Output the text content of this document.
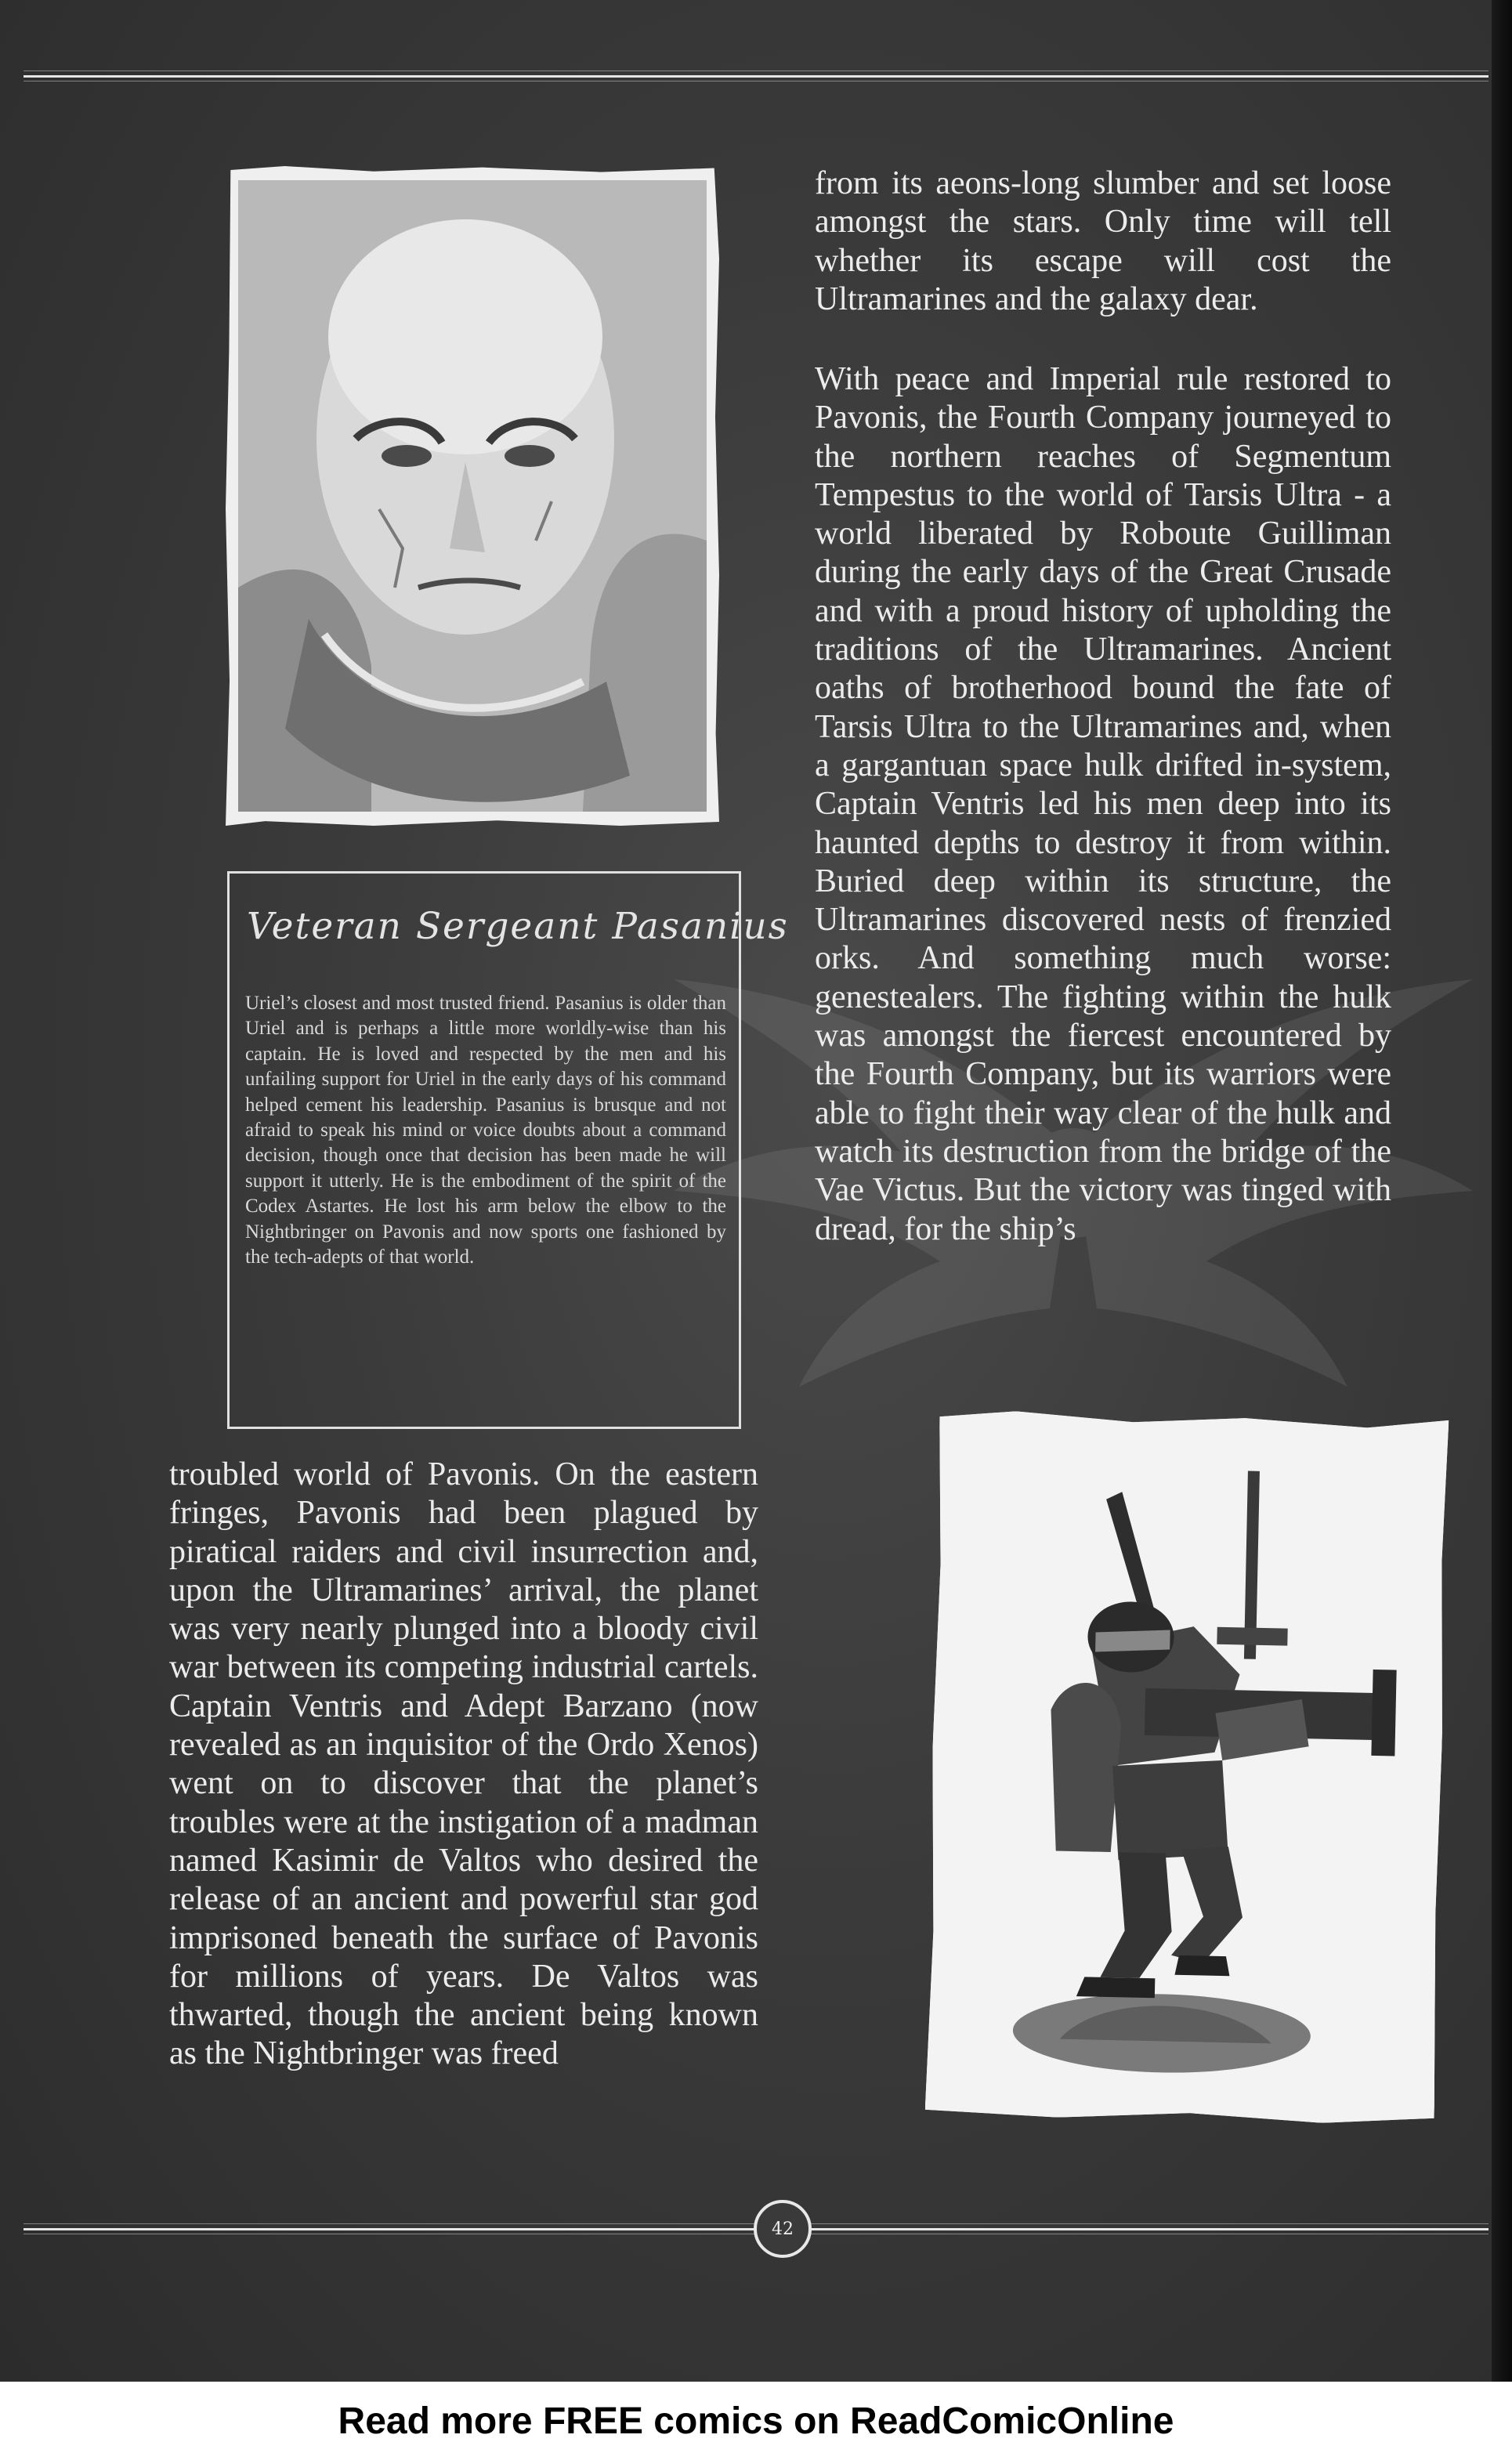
Veteran Sergeant Pasanius
Uriel’s closest and most trusted friend. Pasanius is older than Uriel and is perhaps a little more worldly-wise than his captain. He is loved and respected by the men and his unfailing support for Uriel in the early days of his command helped cement his leadership. Pasanius is brusque and not afraid to speak his mind or voice doubts about a command decision, though once that decision has been made he will support it utterly. He is the embodiment of the spirit of the Codex Astartes. He lost his arm below the elbow to the Nightbringer on Pavonis and now sports one fashioned by the tech-adepts of that world.
from its aeons-long slumber and set loose amongst the stars. Only time will tell whether its escape will cost the Ultramarines and the galaxy dear.
With peace and Imperial rule restored to Pavonis, the Fourth Company journeyed to the northern reaches of Segmentum Tempestus to the world of Tarsis Ultra - a world liberated by Roboute Guilliman during the early days of the Great Crusade and with a proud history of upholding the traditions of the Ultramarines. Ancient oaths of brotherhood bound the fate of Tarsis Ultra to the Ultramarines and, when a gargantuan space hulk drifted in-system, Captain Ventris led his men deep into its haunted depths to destroy it from within. Buried deep within its structure, the Ultramarines discovered nests of frenzied orks. And something much worse: genestealers. The fighting within the hulk was amongst the fiercest encountered by the Fourth Company, but its warriors were able to fight their way clear of the hulk and watch its destruction from the bridge of the Vae Victus. But the victory was tinged with dread, for the ship’s
troubled world of Pavonis. On the eastern fringes, Pavonis had been plagued by piratical raiders and civil insurrection and, upon the Ultramarines’ arrival, the planet was very nearly plunged into a bloody civil war between its competing industrial cartels. Captain Ventris and Adept Barzano (now revealed as an inquisitor of the Ordo Xenos) went on to discover that the planet’s troubles were at the instigation of a madman named Kasimir de Valtos who desired the release of an ancient and powerful star god imprisoned beneath the surface of Pavonis for millions of years. De Valtos was thwarted, though the ancient being known as the Nightbringer was freed
42
Read more FREE comics on ReadComicOnline
